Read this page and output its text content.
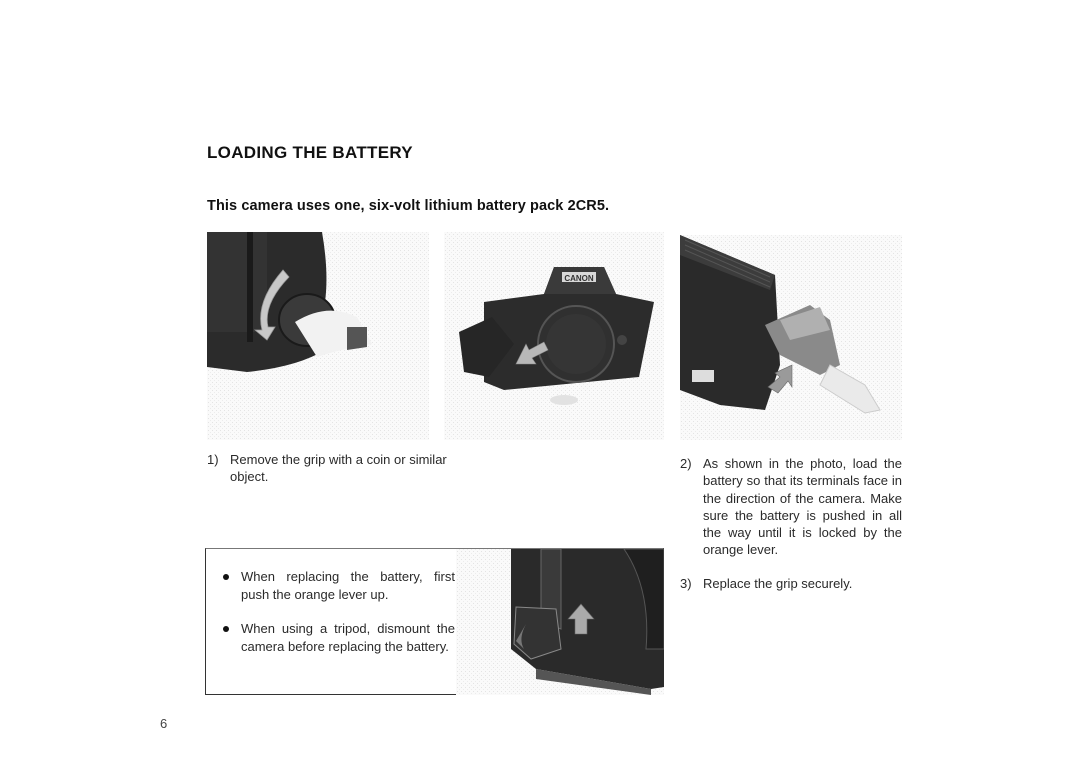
LOADING THE BATTERY
This camera uses one, six-volt lithium battery pack 2CR5.
CANON
1) Remove the grip with a coin or similar object.
2) As shown in the photo, load the battery so that its terminals face in the direction of the camera. Make sure the battery is pushed in all the way until it is locked by the orange lever.
3) Replace the grip securely.
When replacing the battery, first push the orange lever up.
When using a tripod, dismount the camera before replacing the battery.
6
